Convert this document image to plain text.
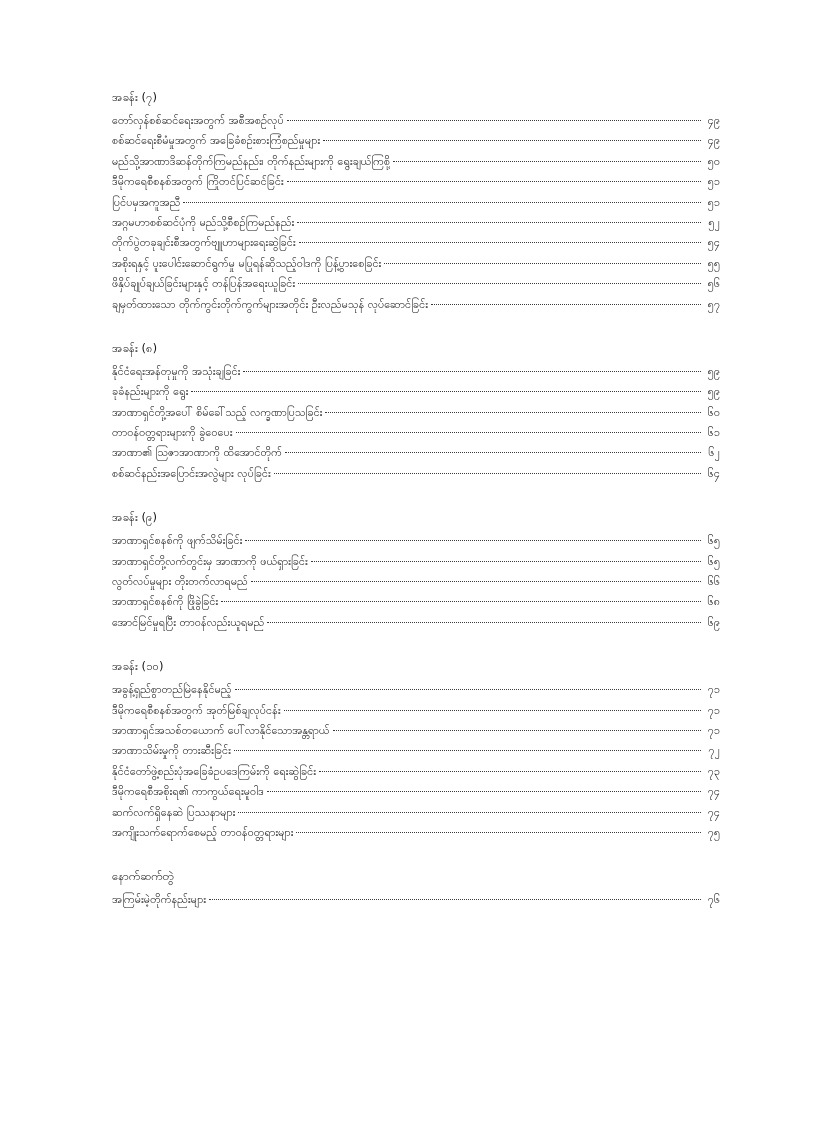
အခန်း (၇)
တော်လှန်စစ်ဆင်ရေးအတွက် အစီအစဉ်လုပ်	၄၉
စစ်ဆင်ရေးစီမံမှုအတွက် အခြေခံစဉ်းစားကြံစည်မှုများ	၄၉
မည်သို့အာဏာဒိဆန်တိုက်ကြမည်နည်း၊ တိုက်နည်းများကို ရွေးချယ်ကြစို့	၅၀
ဒီမိုကရေစီစနစ်အတွက် ကြိုတင်ပြင်ဆင်ခြင်း	၅၁
ပြင်ပမှအကူအညီ	၅၁
အဂ္ဂမဟာစစ်ဆင်ပုံကို မည်သို့စီစဉ်ကြမည်နည်း	၅၂
တိုက်ပွဲတခုချင်းစီအတွက်ဗျူဟာများရေးဆွဲခြင်း	၅၄
အစိုးရနှင့် ပူးပေါင်းဆောင်ရွက်မှု မပြုရန်ဆိုသည့်ဝါဒကို ပြန့်ပွားစေခြင်း	၅၅
ဖိနှိပ်ချုပ်ချယ်ခြင်းများနှင့် တန်ပြန်အရေးယူခြင်း	၅၆
ချမှတ်ထားသော တိုက်ကွင်းတိုက်ကွက်များအတိုင်း ဦးလည်မသုန် လုပ်ဆောင်ခြင်း	၅၇
အခန်း (၈)
နိုင်ငံရေးအန်တုမှုကို အသုံးချခြင်း	၅၉
ခုခံနည်းများကို ရွေး	၅၉
အာဏာရှင်တို့အပေါ် စိမ်ခေါ်သည့် လက္ခဏာပြသခြင်း	၆၀
တာဝန်ဝတ္တရားများကို ခွဲဝေပေး	၆၁
အာဏာ၏ ဩဇာအာဏာကို ထိအောင်တိုက်	၆၂
စစ်ဆင်နည်းအပြောင်းအလွဲများ လုပ်ခြင်း	၆၄
အခန်း (၉)
အာဏာရှင်စနစ်ကို ဖျက်သိမ်းခြင်း	၆၅
အာဏာရှင်တို့လက်တွင်းမှ အာဏာကို ဖယ်ရှားခြင်း	၆၅
လွတ်လပ်မှုများ တိုးတက်လာရမည်	၆၆
အာဏာရှင်စနစ်ကို ဖြိုခွဲခြင်း	၆၈
အောင်မြင်မှုရပြီး တာဝန်လည်းယူရမည်	၆၉
အခန်း (၁၀)
အခွန့်ရှည်စွာတည်မြဲနေနိုင်မည့်	၇၁
ဒီမိုကရေစီစနစ်အတွက် အုတ်မြစ်ချလုပ်ငန်း	၇၁
အာဏာရှင်အသစ်တယောက် ပေါ်လာနိုင်သောအန္တရာယ်	၇၁
အာဏာသိမ်းမှုကို တားဆီးခြင်း	၇၂
နိုင်ငံတော်ဖွဲ့စည်းပုံအခြေခံဥပဒေကြမ်းကို ရေးဆွဲခြင်း	၇၃
ဒီမိုကရေစီအစိုးရ၏ ကာကွယ်ရေးမူဝါဒ	၇၄
ဆက်လက်ရှိနေဆဲ ပြဿနာများ	၇၄
အကျိုးသက်ရောက်စေမည့် တာဝန်ဝတ္တရားများ	၇၅
နောက်ဆက်တွဲ
အကြမ်းမဲ့တိုက်နည်းများ	၇၆
